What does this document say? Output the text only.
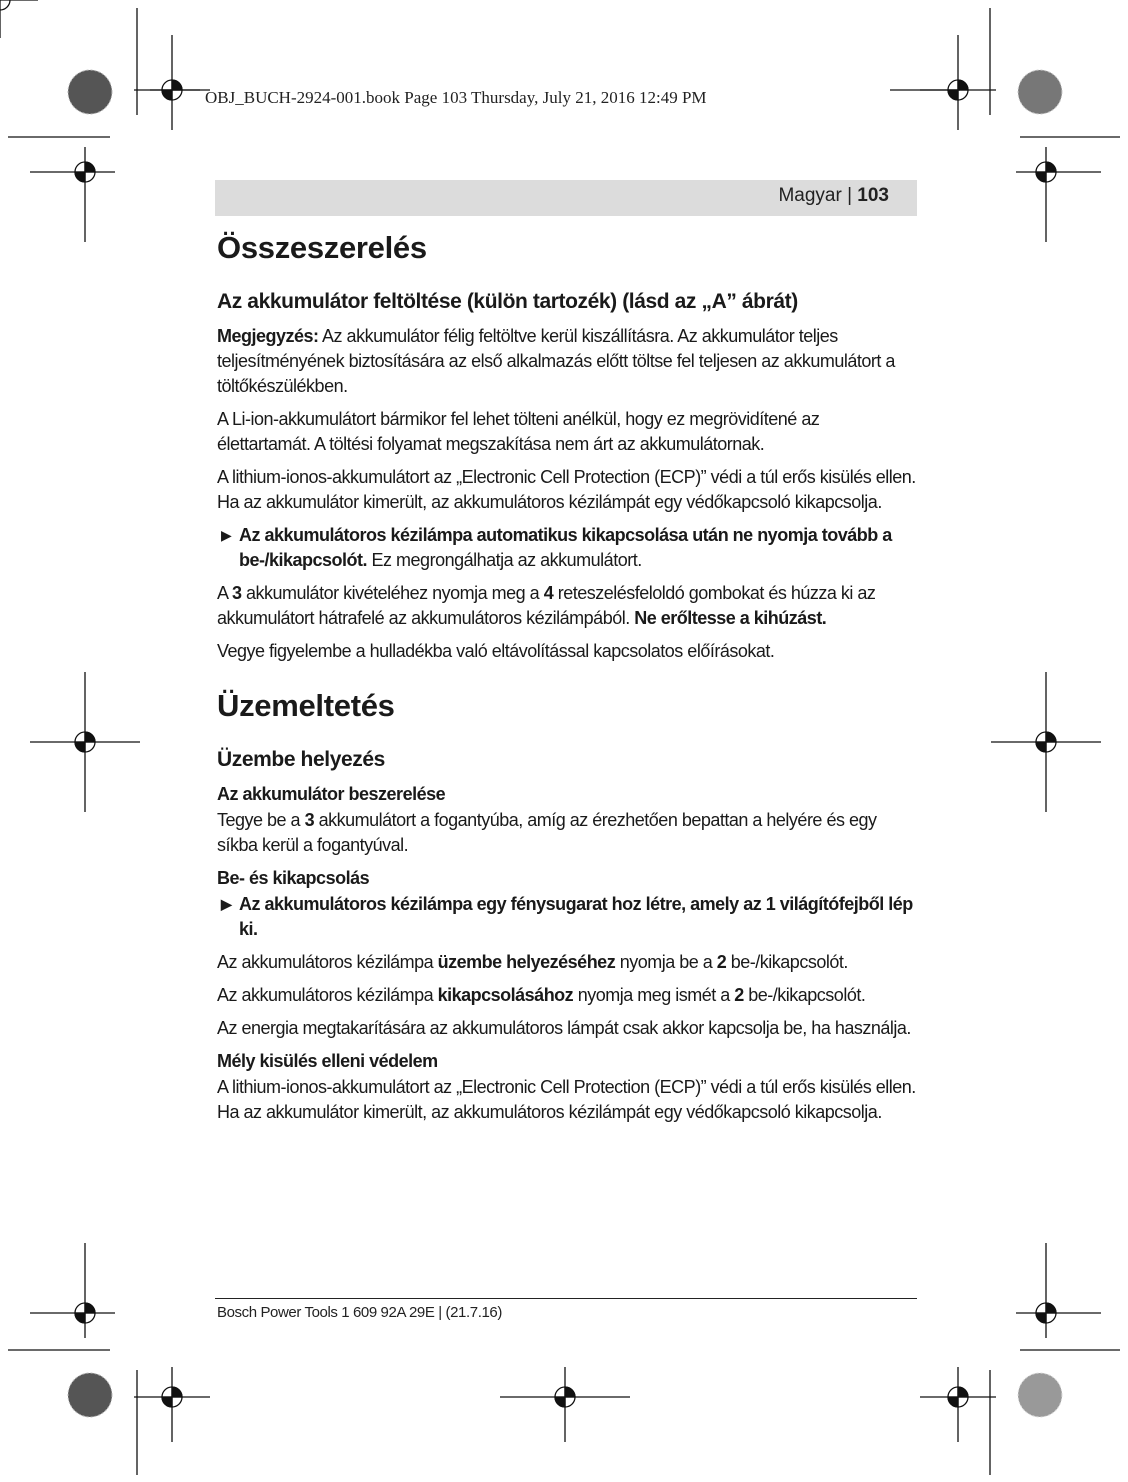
OBJ_BUCH-2924-001.book Page 103 Thursday, July 21, 2016 12:49 PM
Magyar | 103
Összeszerelés
Az akkumulátor feltöltése (külön tartozék) (lásd az „A” ábrát)
Megjegyzés: Az akkumulátor félig feltöltve kerül kiszállításra. Az akkumulátor teljes teljesítményének biztosítására az első alkalmazás előtt töltse fel teljesen az akkumulátort a töltőkészülékben.
A Li-ion-akkumulátort bármikor fel lehet tölteni anélkül, hogy ez megrövidítené az élettartamát. A töltési folyamat megszakítása nem árt az akkumulátornak.
A lithium-ionos-akkumulátort az „Electronic Cell Protection (ECP)” védi a túl erős kisülés ellen. Ha az akkumulátor kimerült, az akkumulátoros kézilámpát egy védőkapcsoló kikapcsolja.
▶ Az akkumulátoros kézilámpa automatikus kikapcsolása után ne nyomja tovább a be-/kikapcsolót. Ez megrongálhatja az akkumulátort.
A 3 akkumulátor kivételéhez nyomja meg a 4 reteszelésfeloldó gombokat és húzza ki az akkumulátort hátrafelé az akkumulátoros kézilámpából. Ne erőltesse a kihúzást.
Vegye figyelembe a hulladékba való eltávolítással kapcsolatos előírásokat.
Üzemeltetés
Üzembe helyezés
Az akkumulátor beszerelése
Tegye be a 3 akkumulátort a fogantyúba, amíg az érezhetően bepattan a helyére és egy síkba kerül a fogantyúval.
Be- és kikapcsolás
▶ Az akkumulátoros kézilámpa egy fénysugarat hoz létre, amely az 1 világítófejből lép ki.
Az akkumulátoros kézilámpa üzembe helyezéséhez nyomja be a 2 be-/kikapcsolót.
Az akkumulátoros kézilámpa kikapcsolásához nyomja meg ismét a 2 be-/kikapcsolót.
Az energia megtakarítására az akkumulátoros lámpát csak akkor kapcsolja be, ha használja.
Mély kisülés elleni védelem
A lithium-ionos-akkumulátort az „Electronic Cell Protection (ECP)” védi a túl erős kisülés ellen. Ha az akkumulátor kimerült, az akkumulátoros kézilámpát egy védőkapcsoló kikapcsolja.
Bosch Power Tools 1 609 92A 29E | (21.7.16)
